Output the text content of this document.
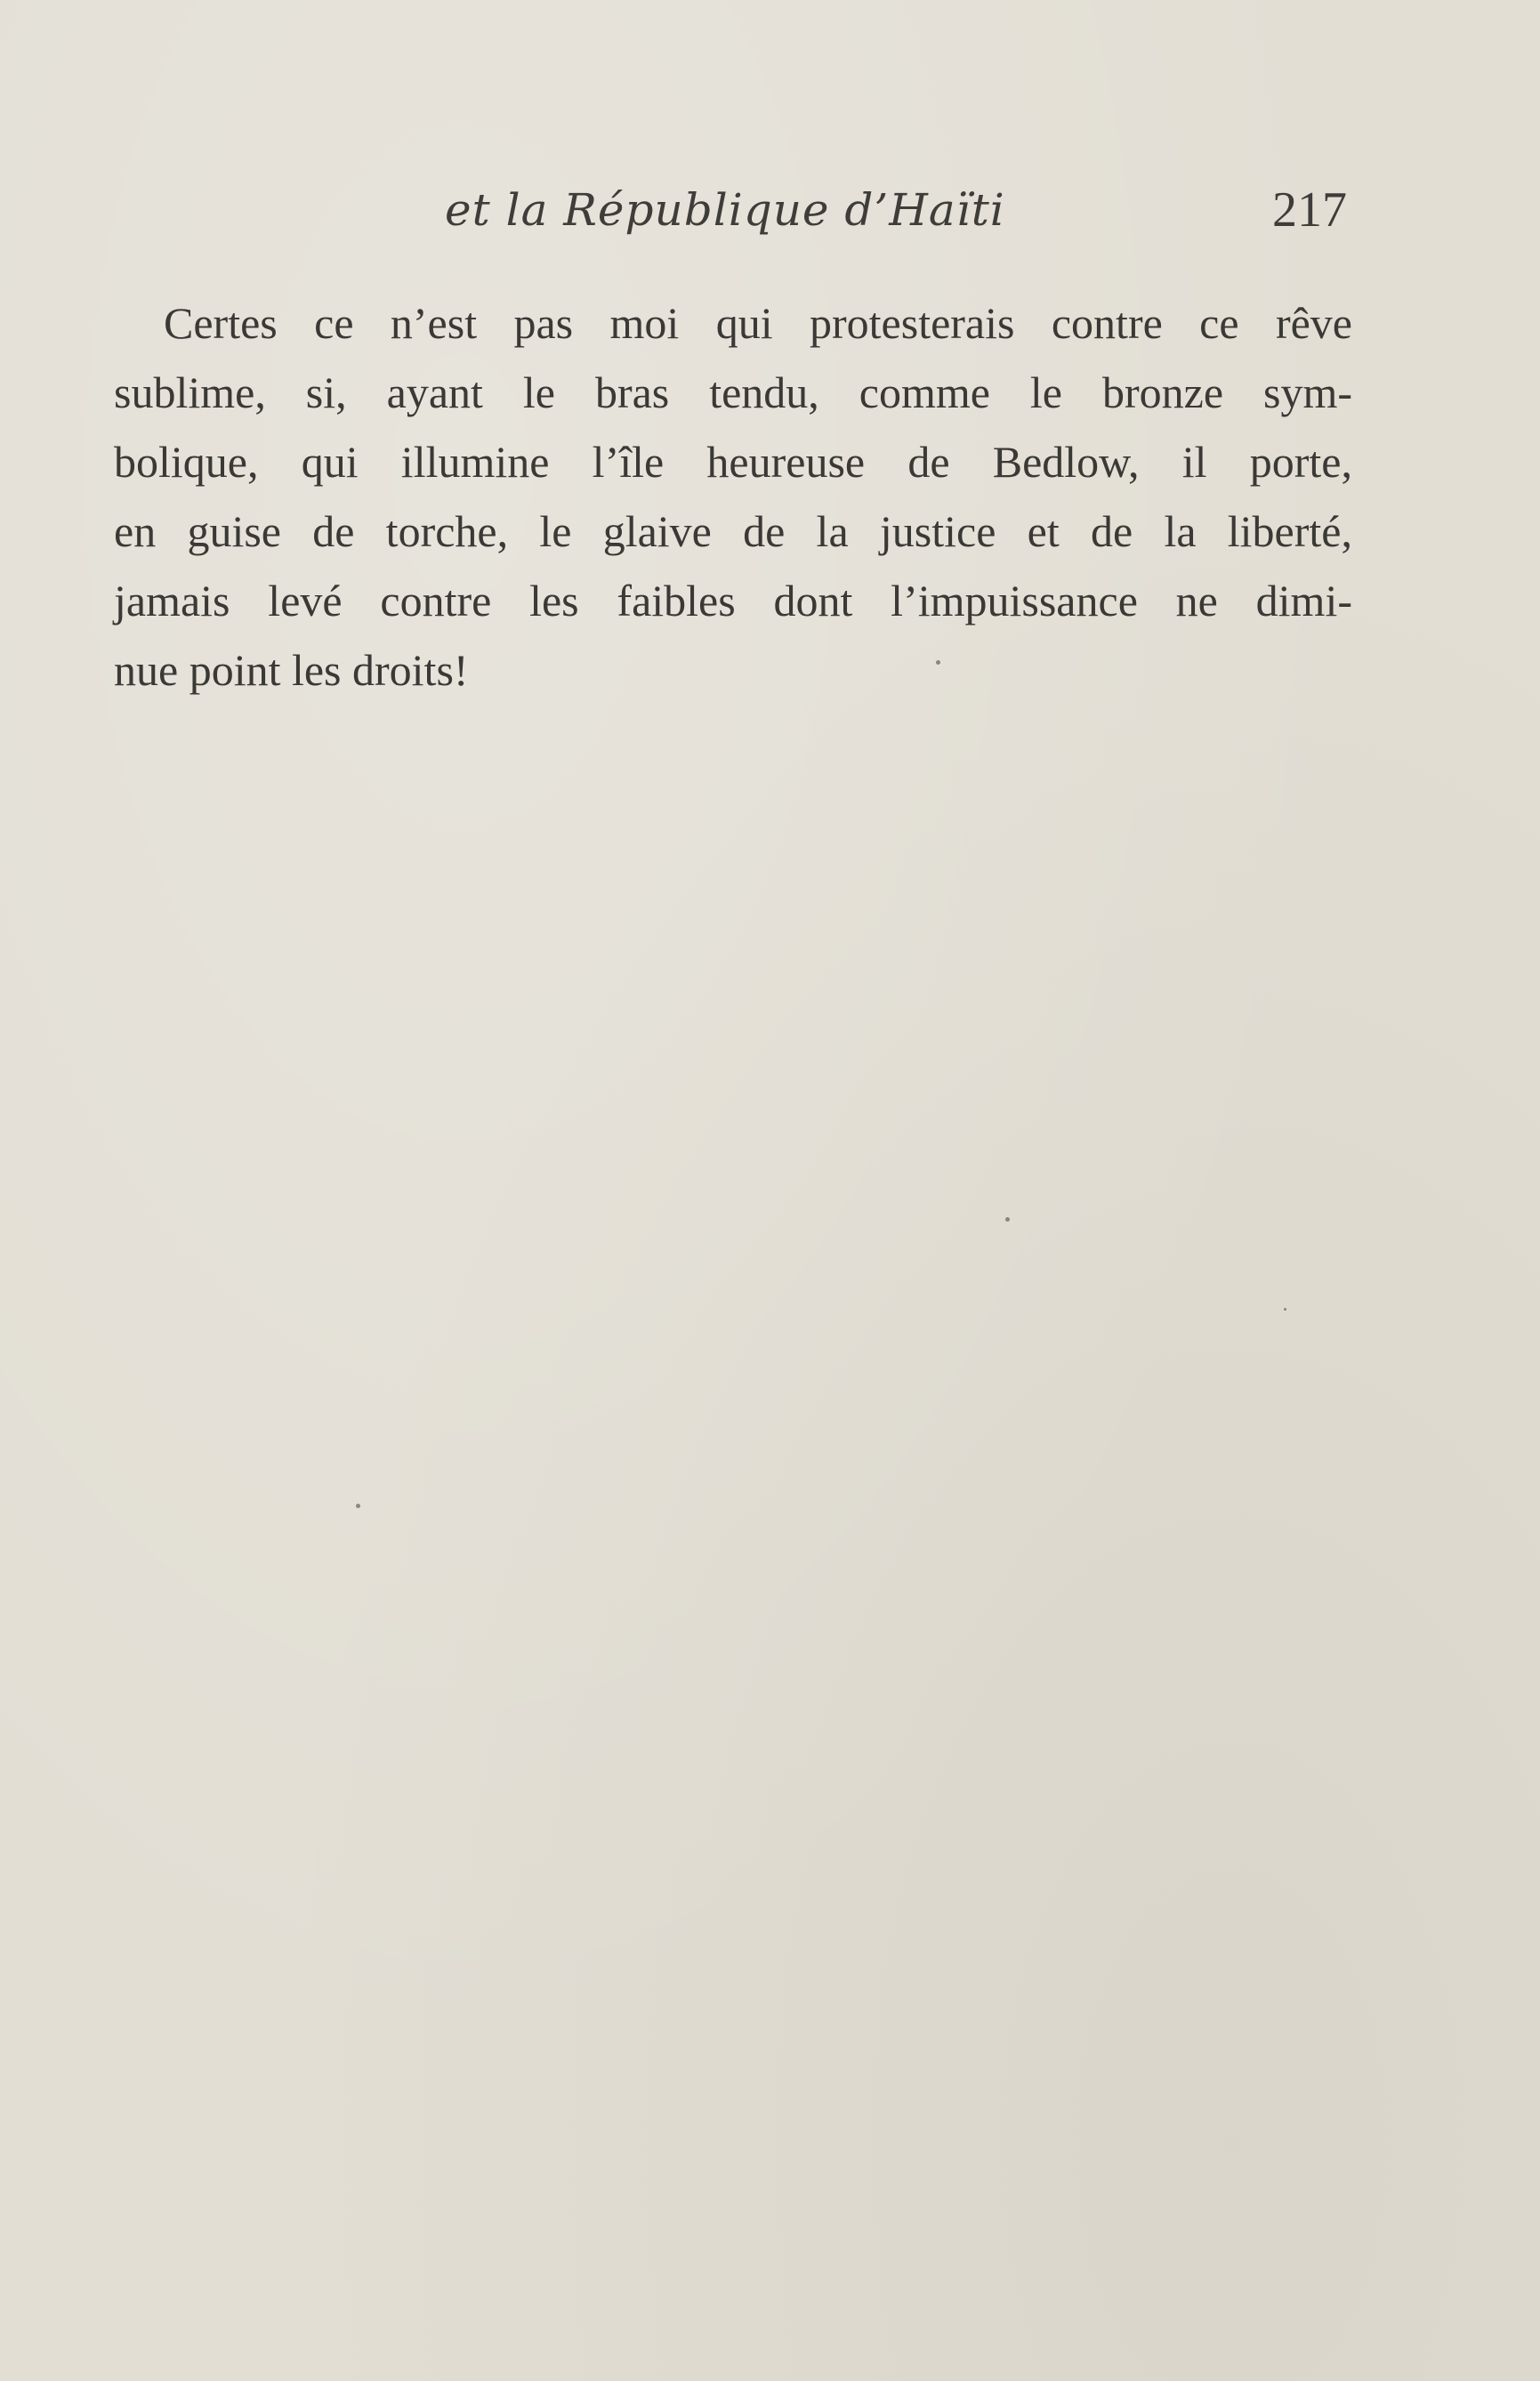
et la République d’Haïti	217

Certes ce n’est pas moi qui protesterais contre ce rêve
sublime, si, ayant le bras tendu, comme le bronze sym-
bolique, qui illumine l’île heureuse de Bedlow, il porte,
en guise de torche, le glaive de la justice et de la liberté,
jamais levé contre les faibles dont l’impuissance ne dimi-
nue point les droits!
